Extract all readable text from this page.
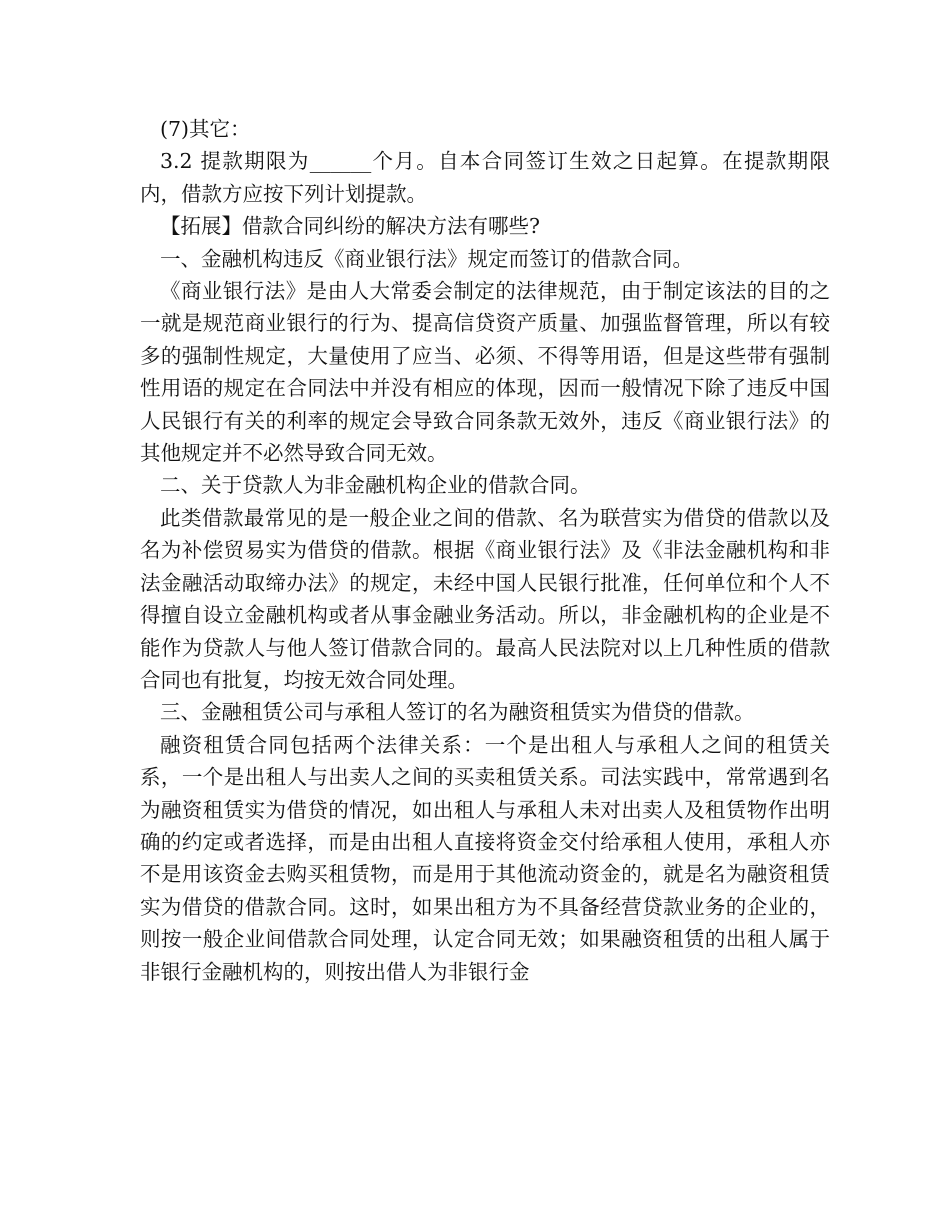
(7)其它：

3.2 提款期限为______个月。自本合同签订生效之日起算。在提款期限内，借款方应按下列计划提款。

【拓展】借款合同纠纷的解决方法有哪些?

一、金融机构违反《商业银行法》规定而签订的借款合同。

《商业银行法》是由人大常委会制定的法律规范，由于制定该法的目的之一就是规范商业银行的行为、提高信贷资产质量、加强监督管理，所以有较多的强制性规定，大量使用了应当、必须、不得等用语，但是这些带有强制性用语的规定在合同法中并没有相应的体现，因而一般情况下除了违反中国人民银行有关的利率的规定会导致合同条款无效外，违反《商业银行法》的其他规定并不必然导致合同无效。

二、关于贷款人为非金融机构企业的借款合同。

此类借款最常见的是一般企业之间的借款、名为联营实为借贷的借款以及名为补偿贸易实为借贷的借款。根据《商业银行法》及《非法金融机构和非法金融活动取缔办法》的规定，未经中国人民银行批准，任何单位和个人不得擅自设立金融机构或者从事金融业务活动。所以，非金融机构的企业是不能作为贷款人与他人签订借款合同的。最高人民法院对以上几种性质的借款合同也有批复，均按无效合同处理。

三、金融租赁公司与承租人签订的名为融资租赁实为借贷的借款。

融资租赁合同包括两个法律关系：一个是出租人与承租人之间的租赁关系，一个是出租人与出卖人之间的买卖租赁关系。司法实践中，常常遇到名为融资租赁实为借贷的情况，如出租人与承租人未对出卖人及租赁物作出明确的约定或者选择，而是由出租人直接将资金交付给承租人使用，承租人亦不是用该资金去购买租赁物，而是用于其他流动资金的，就是名为融资租赁实为借贷的借款合同。这时，如果出租方为不具备经营贷款业务的企业的，则按一般企业间借款合同处理，认定合同无效；如果融资租赁的出租人属于非银行金融机构的，则按出借人为非银行金
